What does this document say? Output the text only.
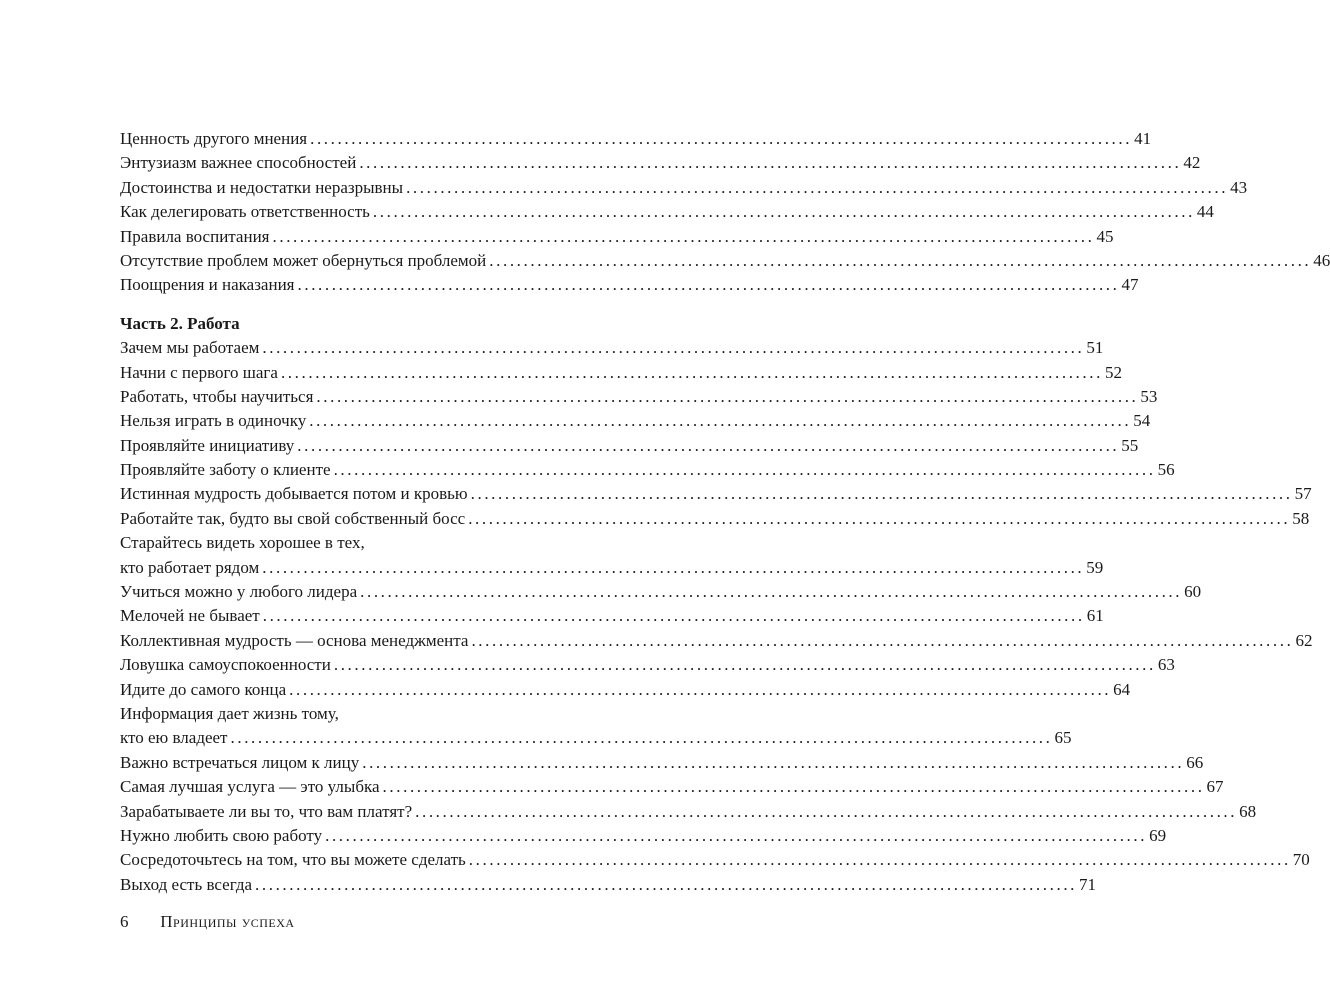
Ценность другого мнения ........................................................................................................................ 41
Энтузиазм важнее способностей ........................................................................................................................ 42
Достоинства и недостатки неразрывны ........................................................................................................................ 43
Как делегировать ответственность ........................................................................................................................ 44
Правила воспитания ........................................................................................................................ 45
Отсутствие проблем может обернуться проблемой ........................................................................................................................ 46
Поощрения и наказания ........................................................................................................................ 47
Часть 2. Работа
Зачем мы работаем ........................................................................................................................ 51
Начни с первого шага ........................................................................................................................ 52
Работать, чтобы научиться ........................................................................................................................ 53
Нельзя играть в одиночку ........................................................................................................................ 54
Проявляйте инициативу ........................................................................................................................ 55
Проявляйте заботу о клиенте ........................................................................................................................ 56
Истинная мудрость добывается потом и кровью ........................................................................................................................ 57
Работайте так, будто вы свой собственный босс ........................................................................................................................ 58
Старайтесь видеть хорошее в тех,
кто работает рядом ........................................................................................................................ 59
Учиться можно у любого лидера ........................................................................................................................ 60
Мелочей не бывает ........................................................................................................................ 61
Коллективная мудрость — основа менеджмента ........................................................................................................................ 62
Ловушка самоуспокоенности ........................................................................................................................ 63
Идите до самого конца ........................................................................................................................ 64
Информация дает жизнь тому,
кто ею владеет ........................................................................................................................ 65
Важно встречаться лицом к лицу ........................................................................................................................ 66
Самая лучшая услуга — это улыбка ........................................................................................................................ 67
Зарабатываете ли вы то, что вам платят? ........................................................................................................................ 68
Нужно любить свою работу ........................................................................................................................ 69
Сосредоточьтесь на том, что вы можете сделать ........................................................................................................................ 70
Выход есть всегда ........................................................................................................................ 71
6 Принципы успеха
